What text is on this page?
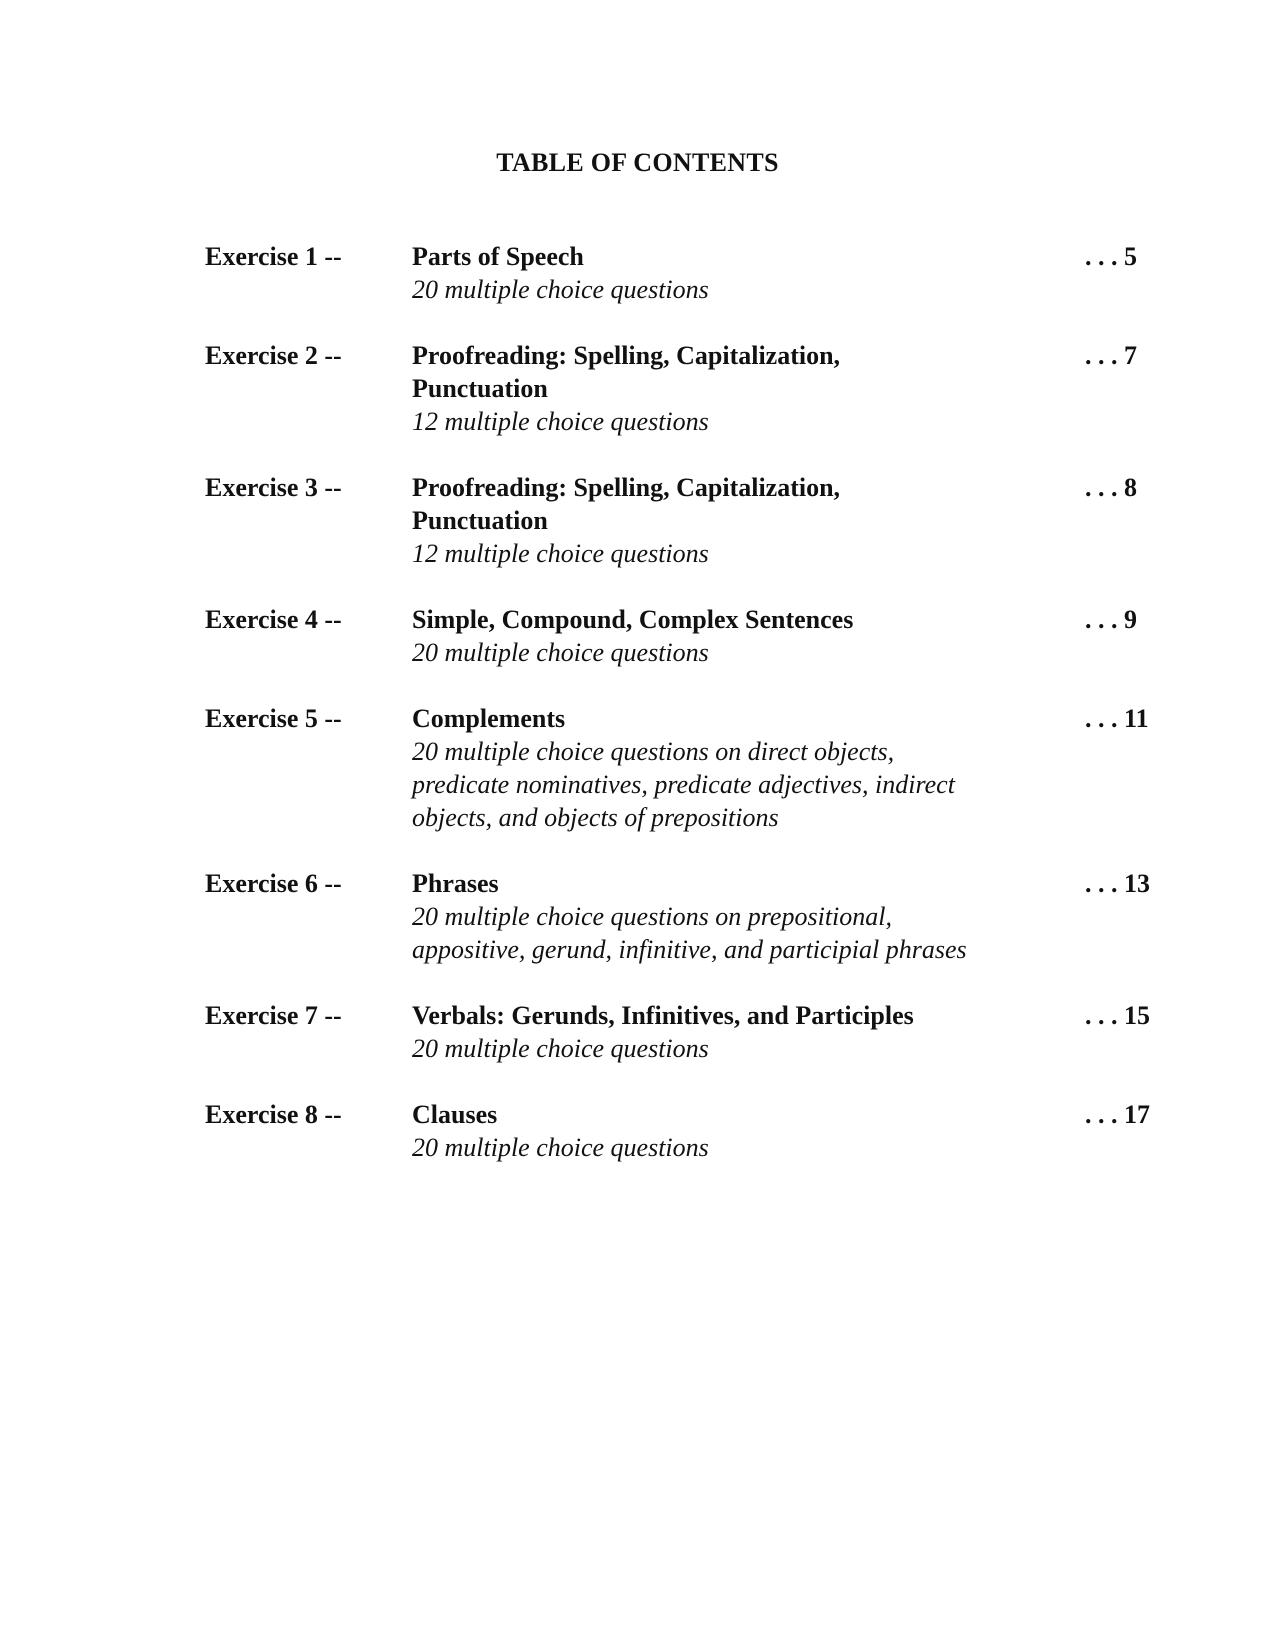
TABLE OF CONTENTS
Exercise 1 --	Parts of Speech
20 multiple choice questions
. . . 5
Exercise 2 --	Proofreading: Spelling, Capitalization, Punctuation
12 multiple choice questions
. . . 7
Exercise 3 --	Proofreading: Spelling, Capitalization, Punctuation
12 multiple choice questions
. . . 8
Exercise 4 --	Simple, Compound, Complex Sentences
20 multiple choice questions
. . . 9
Exercise 5 --	Complements
20 multiple choice questions on direct objects, predicate nominatives, predicate adjectives, indirect objects, and objects of prepositions
. . . 11
Exercise 6 --	Phrases
20 multiple choice questions on prepositional, appositive, gerund, infinitive, and participial phrases
. . . 13
Exercise 7 --	Verbals: Gerunds, Infinitives, and Participles
20 multiple choice questions
. . . 15
Exercise 8 --	Clauses
20 multiple choice questions
. . . 17
